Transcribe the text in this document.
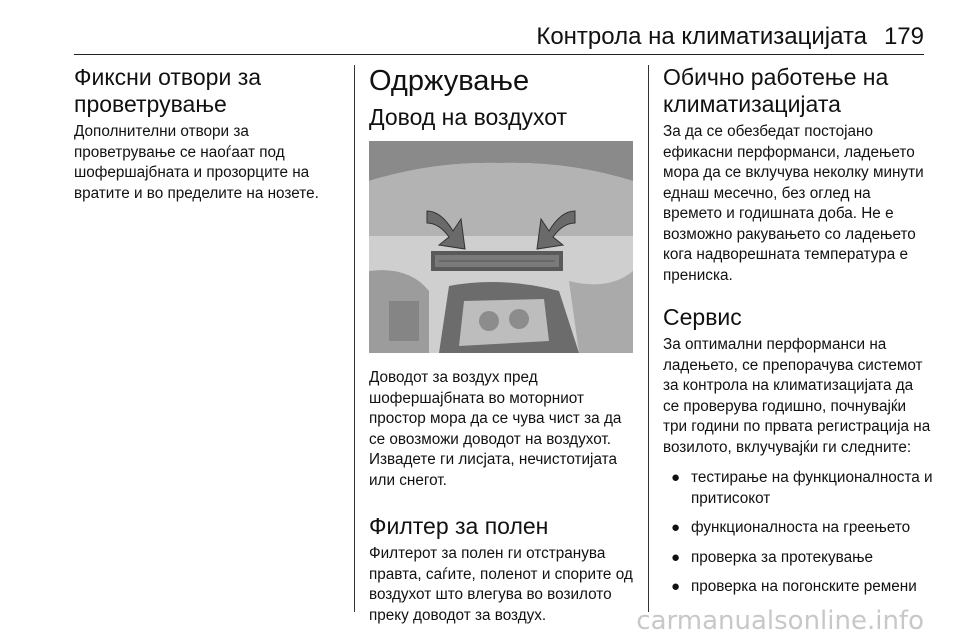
Контрола на климатизацијата 179
Фиксни отвори за проветрување

Дополнителни отвори за проветрување се наоѓаат под шофершајбната и прозорците на вратите и во пределите на нозете.

Одржување
Довод на воздухот

Доводот за воздух пред шофершајбната во моторниот простор мора да се чува чист за да се овозможи доводот на воздухот. Извадете ги лисјата, нечистотијата или снегот.

Филтер за полен

Филтерот за полен ги отстранува правта, саѓите, поленот и спорите од воздухот што влегува во возилото преку доводот за воздух.

Обично работење на климатизацијата

За да се обезбедат постојано ефикасни перформанси, ладењето мора да се вклучува неколку минути еднаш месечно, без оглед на времето и годишната доба. Не е возможно ракувањето со ладењето кога надворешната температура е прениска.

Сервис

За оптимални перформанси на ладењето, се препорачува системот за контрола на климатизацијата да се проверува годишно, почнувајќи три години по првата регистрација на возилото, вклучувајќи ги следните:

● тестирање на функционалноста и притисокот
● функционалноста на греењето
● проверка за протекување
● проверка на погонските ремени
carmanualsonline.info
